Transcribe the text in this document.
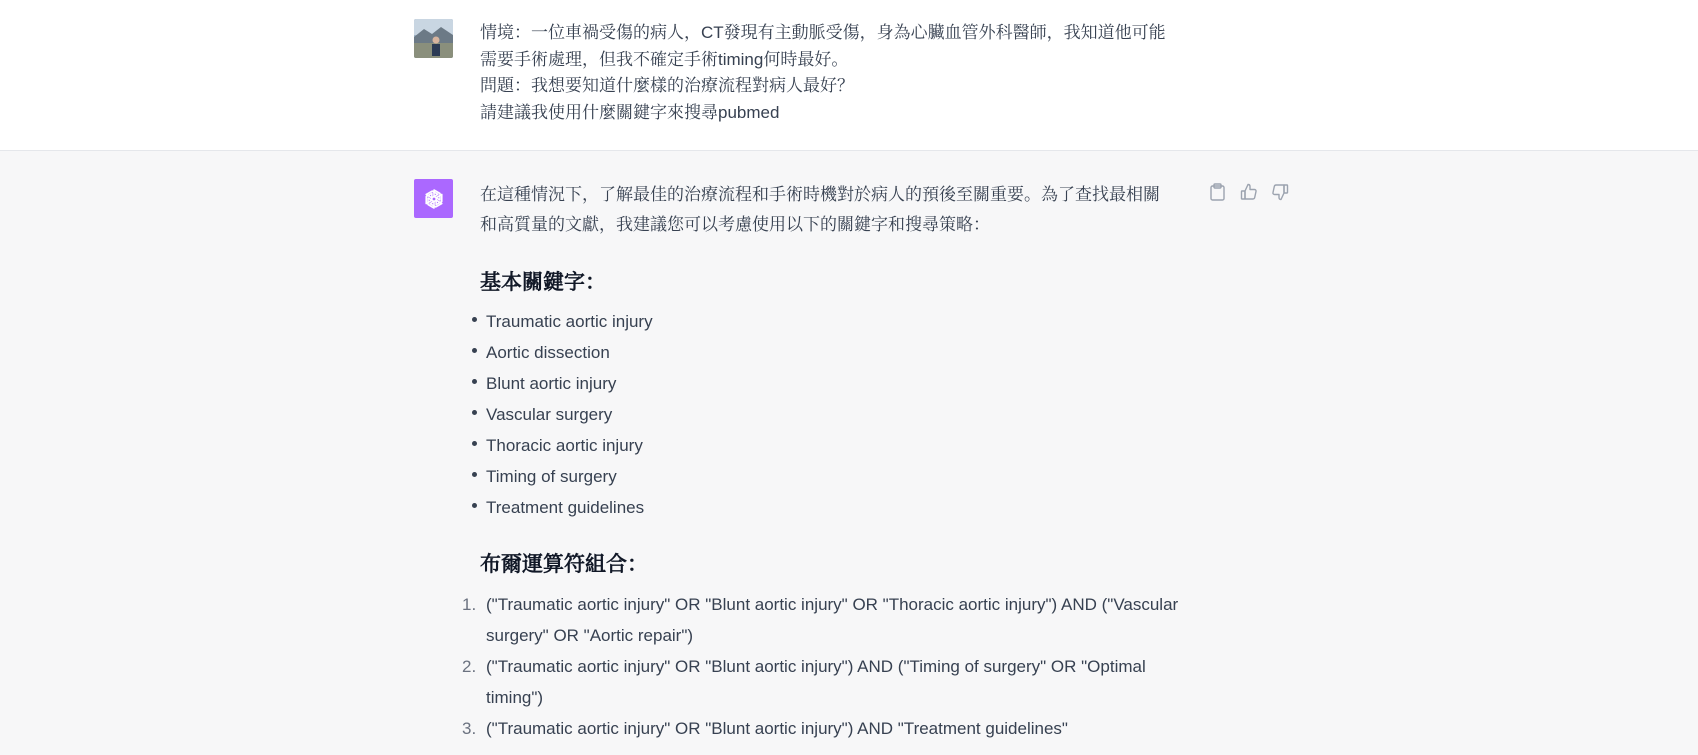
情境：一位車禍受傷的病人，CT發現有主動脈受傷，身為心臟血管外科醫師，我知道他可能
需要手術處理，但我不確定手術timing何時最好。
問題：我想要知道什麼樣的治療流程對病人最好？
請建議我使用什麼關鍵字來搜尋pubmed
在這種情況下，了解最佳的治療流程和手術時機對於病人的預後至關重要。為了查找最相關
和高質量的文獻，我建議您可以考慮使用以下的關鍵字和搜尋策略：
基本關鍵字：
Traumatic aortic injury
Aortic dissection
Blunt aortic injury
Vascular surgery
Thoracic aortic injury
Timing of surgery
Treatment guidelines
布爾運算符組合：
1. ("Traumatic aortic injury" OR "Blunt aortic injury" OR "Thoracic aortic injury") AND ("Vascular
surgery" OR "Aortic repair")
2. ("Traumatic aortic injury" OR "Blunt aortic injury") AND ("Timing of surgery" OR "Optimal
timing")
3. ("Traumatic aortic injury" OR "Blunt aortic injury") AND "Treatment guidelines"
